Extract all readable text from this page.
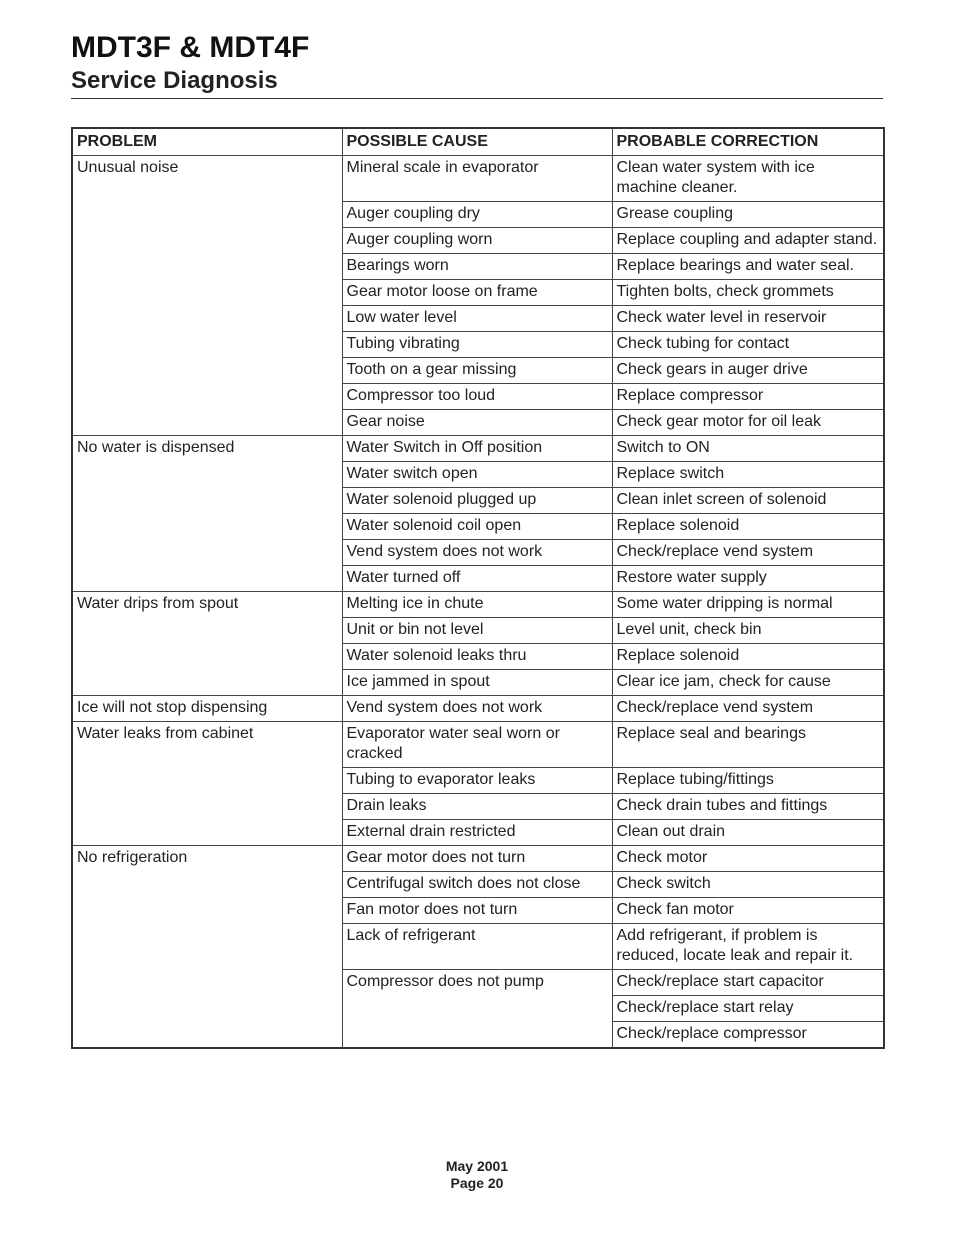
MDT3F & MDT4F
Service Diagnosis
PROBLEM	POSSIBLE CAUSE	PROBABLE CORRECTION
Unusual noise	Mineral scale in evaporator	Clean water system with ice machine cleaner.
	Auger coupling dry	Grease coupling
	Auger coupling worn	Replace coupling and adapter stand.
	Bearings worn	Replace bearings and water seal.
	Gear motor loose on frame	Tighten bolts, check grommets
	Low water level	Check water level in reservoir
	Tubing vibrating	Check tubing for contact
	Tooth on a gear missing	Check gears in auger drive
	Compressor too loud	Replace compressor
	Gear noise	Check gear motor for oil leak
No water is dispensed	Water Switch in Off position	Switch to ON
	Water switch open	Replace switch
	Water solenoid plugged up	Clean inlet screen of solenoid
	Water solenoid coil open	Replace solenoid
	Vend system does not work	Check/replace vend system
	Water turned off	Restore water supply
Water drips from spout	Melting ice in chute	Some water dripping is normal
	Unit or bin not level	Level unit, check bin
	Water solenoid leaks thru	Replace solenoid
	Ice jammed in spout	Clear ice jam, check for cause
Ice will not stop dispensing	Vend system does not work	Check/replace vend system
Water leaks from cabinet	Evaporator water seal worn or cracked	Replace seal and bearings
	Tubing to evaporator leaks	Replace tubing/fittings
	Drain leaks	Check drain tubes and fittings
	External drain restricted	Clean out drain
No refrigeration	Gear motor does not turn	Check motor
	Centrifugal switch does not close	Check switch
	Fan motor does not turn	Check fan motor
	Lack of refrigerant	Add refrigerant, if problem is reduced, locate leak and repair it.
	Compressor does not pump	Check/replace start capacitor
		Check/replace start relay
		Check/replace compressor
May 2001
Page 20
